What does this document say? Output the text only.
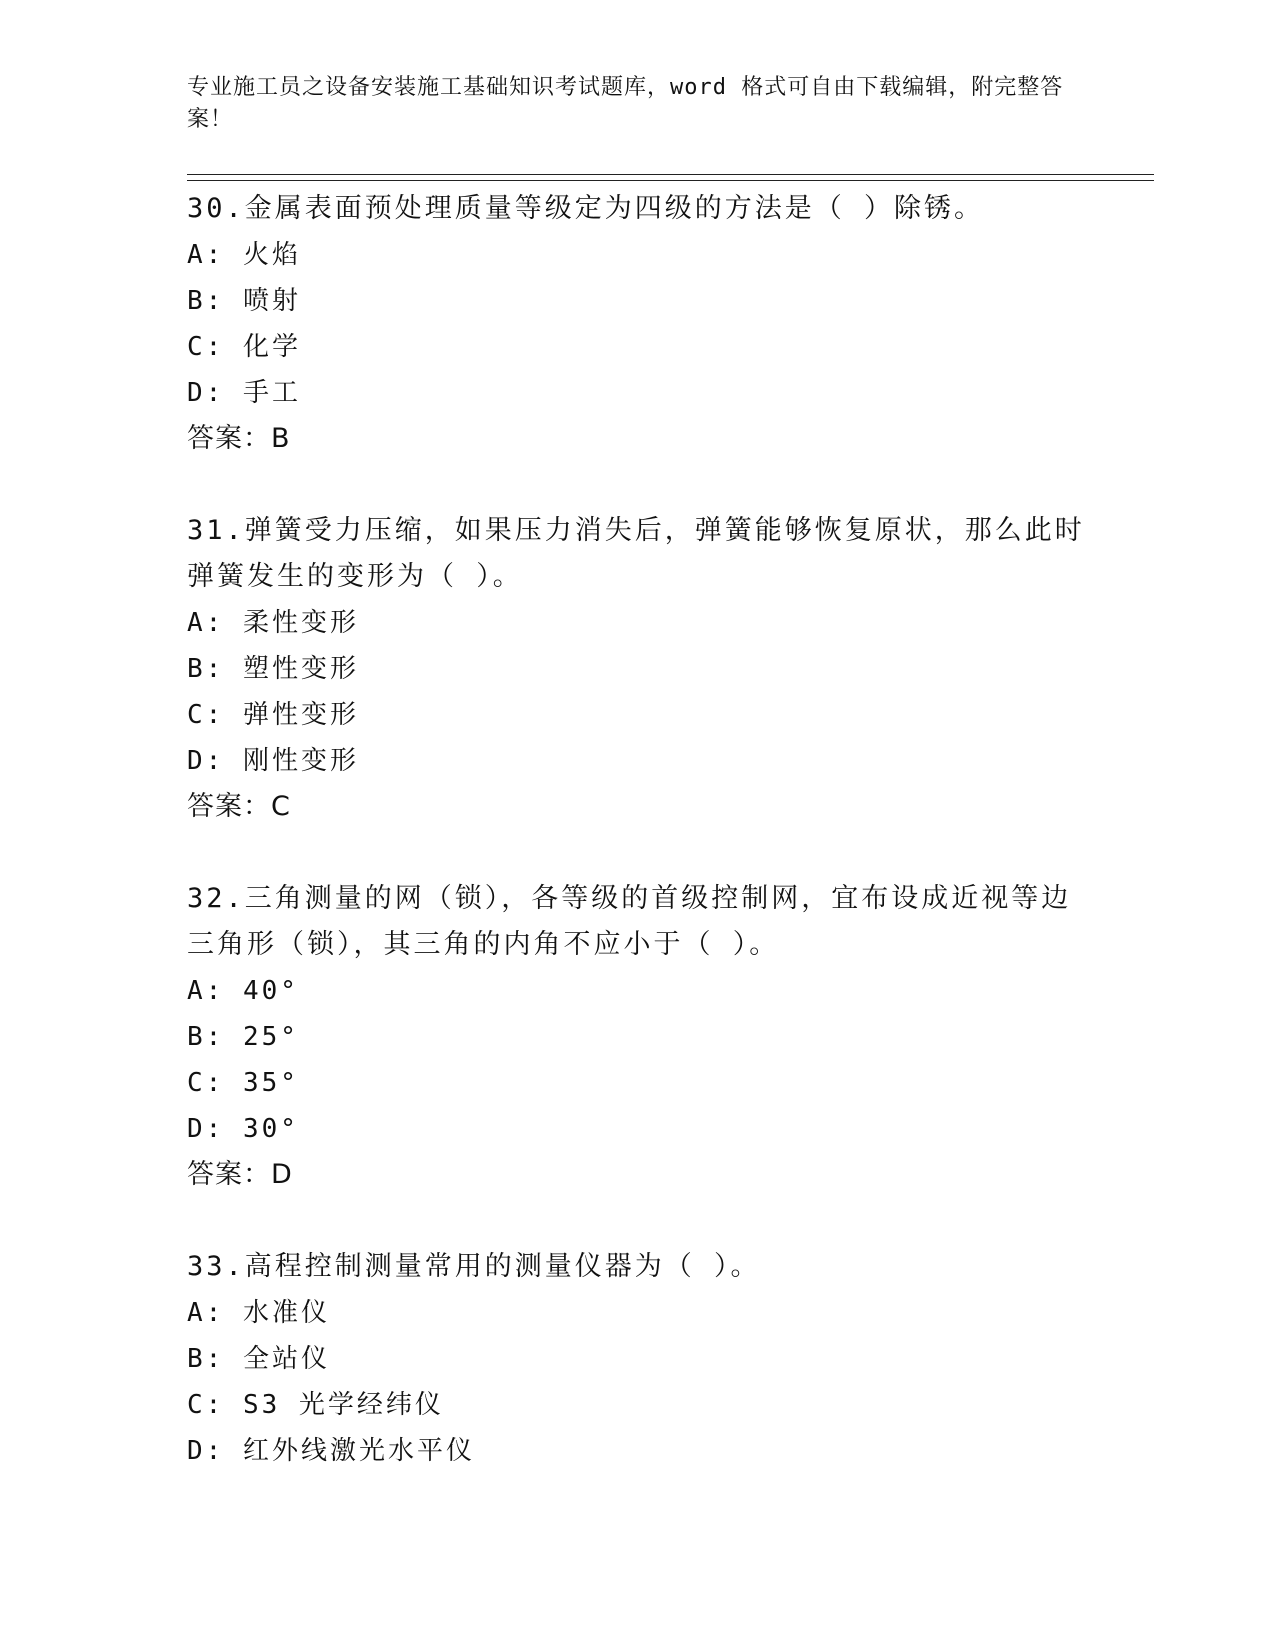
专业施工员之设备安装施工基础知识考试题库，word 格式可自由下载编辑，附完整答案！
30.金属表面预处理质量等级定为四级的方法是（ ）除锈。
A: 火焰
B: 喷射
C: 化学
D: 手工
答案：B
31.弹簧受力压缩，如果压力消失后，弹簧能够恢复原状，那么此时弹簧发生的变形为（ ）。
A: 柔性变形
B: 塑性变形
C: 弹性变形
D: 刚性变形
答案：C
32.三角测量的网（锁），各等级的首级控制网，宜布设成近视等边三角形（锁），其三角的内角不应小于（ ）。
A: 40°
B: 25°
C: 35°
D: 30°
答案：D
33.高程控制测量常用的测量仪器为（ ）。
A: 水准仪
B: 全站仪
C: S3 光学经纬仪
D: 红外线激光水平仪
